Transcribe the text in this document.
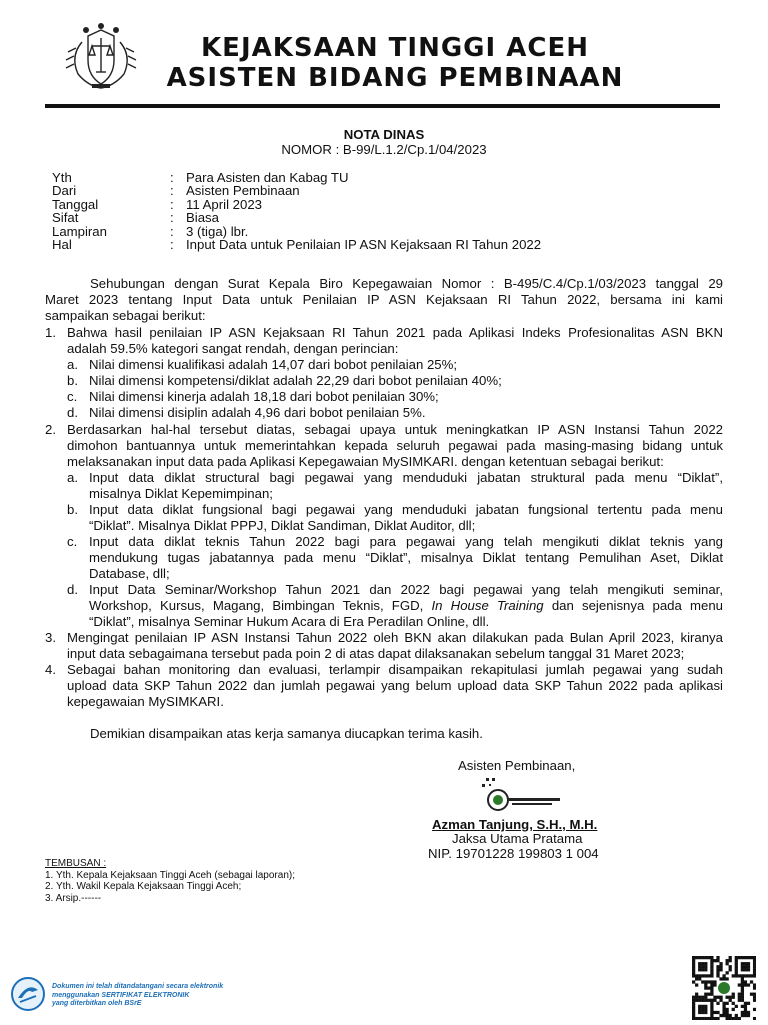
KEJAKSAAN TINGGI ACEH
ASISTEN BIDANG PEMBINAAN
NOTA DINAS
NOMOR : B-99/L.1.2/Cp.1/04/2023
Yth	: Para Asisten dan Kabag TU
Dari	: Asisten Pembinaan
Tanggal	: 11 April 2023
Sifat	: Biasa
Lampiran	: 3 (tiga) lbr.
Hal	: Input Data untuk Penilaian IP ASN Kejaksaan RI Tahun 2022
Sehubungan dengan Surat Kepala Biro Kepegawaian Nomor : B-495/C.4/Cp.1/03/2023 tanggal 29
Maret 2023 tentang Input Data untuk Penilaian IP ASN Kejaksaan RI Tahun 2022, bersama ini kami
sampaikan sebagai berikut:
1. Bahwa hasil penilaian IP ASN Kejaksaan RI Tahun 2021 pada Aplikasi Indeks Profesionalitas ASN BKN
adalah 59.5% kategori sangat rendah, dengan perincian:
a. Nilai dimensi kualifikasi adalah 14,07 dari bobot penilaian 25%;
b. Nilai dimensi kompetensi/diklat adalah 22,29 dari bobot penilaian 40%;
c. Nilai dimensi kinerja adalah 18,18 dari bobot penilaian 30%;
d. Nilai dimensi disiplin adalah 4,96 dari bobot penilaian 5%.
2. Berdasarkan hal-hal tersebut diatas, sebagai upaya untuk meningkatkan IP ASN Instansi Tahun 2022
dimohon bantuannya untuk memerintahkan kepada seluruh pegawai pada masing-masing bidang untuk
melaksanakan input data pada Aplikasi Kepegawaian MySIMKARI. dengan ketentuan sebagai berikut:
a. Input data diklat structural bagi pegawai yang menduduki jabatan struktural pada menu “Diklat”,
misalnya Diklat Kepemimpinan;
b. Input data diklat fungsional bagi pegawai yang menduduki jabatan fungsional tertentu pada menu
“Diklat”. Misalnya Diklat PPPJ, Diklat Sandiman, Diklat Auditor, dll;
c. Input data diklat teknis Tahun 2022 bagi para pegawai yang telah mengikuti diklat teknis yang
mendukung tugas jabatannya pada menu “Diklat”, misalnya Diklat tentang Pemulihan Aset, Diklat
Database, dll;
d. Input Data Seminar/Workshop Tahun 2021 dan 2022 bagi pegawai yang telah mengikuti seminar,
Workshop, Kursus, Magang, Bimbingan Teknis, FGD, In House Training dan sejenisnya pada menu
“Diklat”, misalnya Seminar Hukum Acara di Era Peradilan Online, dll.
3. Mengingat penilaian IP ASN Instansi Tahun 2022 oleh BKN akan dilakukan pada Bulan April 2023, kiranya
input data sebagaimana tersebut pada poin 2 di atas dapat dilaksanakan sebelum tanggal 31 Maret 2023;
4. Sebagai bahan monitoring dan evaluasi, terlampir disampaikan rekapitulasi jumlah pegawai yang sudah
upload data SKP Tahun 2022 dan jumlah pegawai yang belum upload data SKP Tahun 2022 pada aplikasi
kepegawaian MySIMKARI.
Demikian disampaikan atas kerja samanya diucapkan terima kasih.
Asisten Pembinaan,
Azman Tanjung, S.H., M.H.
Jaksa Utama Pratama
NIP. 19701228 199803 1 004
TEMBUSAN :
1. Yth. Kepala Kejaksaan Tinggi Aceh (sebagai laporan);
2. Yth. Wakil Kepala Kejaksaan Tinggi Aceh;
3. Arsip.------
Dokumen ini telah ditandatangani secara elektronik
menggunakan SERTIFIKAT ELEKTRONIK
yang diterbitkan oleh BSrE
